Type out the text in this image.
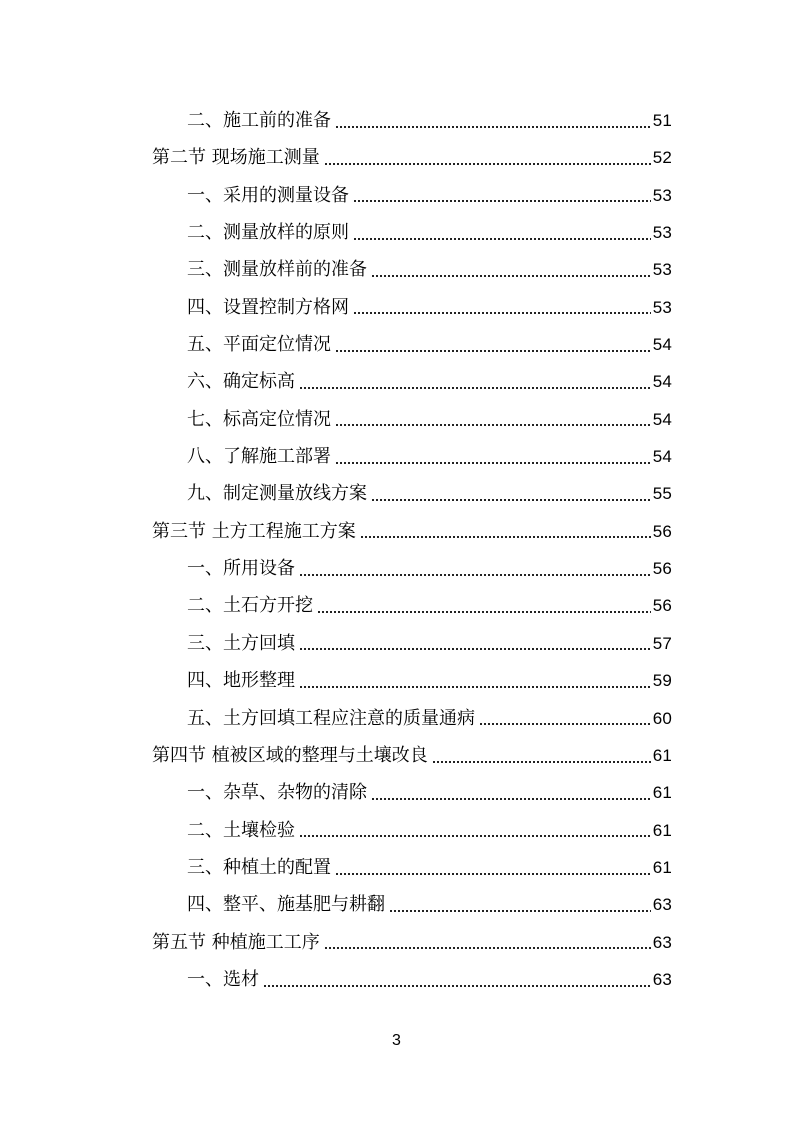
二、施工前的准备	51
第二节 现场施工测量	52
一、采用的测量设备	53
二、测量放样的原则	53
三、测量放样前的准备	53
四、设置控制方格网	53
五、平面定位情况	54
六、确定标高	54
七、标高定位情况	54
八、了解施工部署	54
九、制定测量放线方案	55
第三节 土方工程施工方案	56
一、所用设备	56
二、土石方开挖	56
三、土方回填	57
四、地形整理	59
五、土方回填工程应注意的质量通病	60
第四节 植被区域的整理与土壤改良	61
一、杂草、杂物的清除	61
二、土壤检验	61
三、种植土的配置	61
四、整平、施基肥与耕翻	63
第五节 种植施工工序	63
一、选材	63
3
